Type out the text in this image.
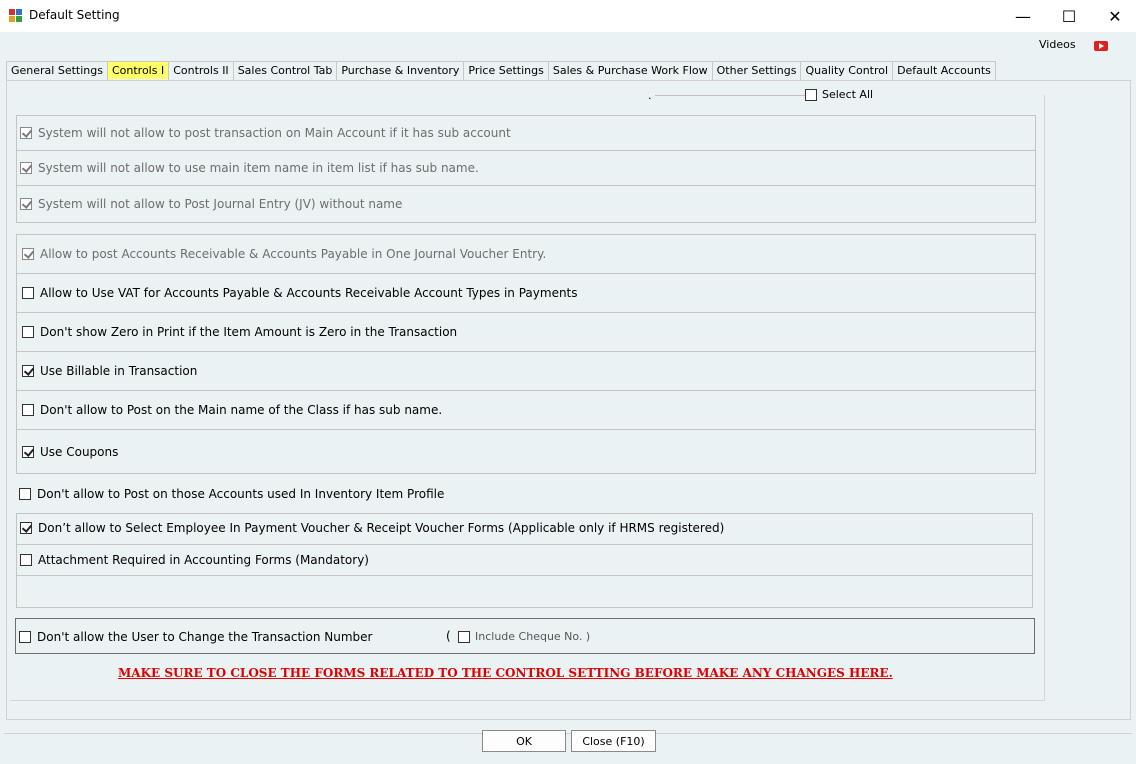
Default Setting	—	☐	✕
Videos
General Settings Controls I Controls II Sales Control Tab Purchase & Inventory Price Settings Sales & Purchase Work Flow Other Settings Quality Control Default Accounts
.	Select All
System will not allow to post transaction on Main Account if it has sub account
System will not allow to use main item name in item list if has sub name.
System will not allow to Post Journal Entry (JV) without name
Allow to post Accounts Receivable & Accounts Payable in One Journal Voucher Entry.
Allow to Use VAT for Accounts Payable & Accounts Receivable Account Types in Payments
Don't show Zero in Print if the Item Amount is Zero in the Transaction
Use Billable in Transaction
Don't allow to Post on the Main name of the Class if has sub name.
Use Coupons
Don't allow to Post on those Accounts used In Inventory Item Profile
Don’t allow to Select Employee In Payment Voucher & Receipt Voucher Forms (Applicable only if HRMS registered)
Attachment Required in Accounting Forms (Mandatory)
Don't allow the User to Change the Transaction Number	( Include Cheque No. )
MAKE SURE TO CLOSE THE FORMS RELATED TO THE CONTROL SETTING BEFORE MAKE ANY CHANGES HERE.
OK	Close (F10)
